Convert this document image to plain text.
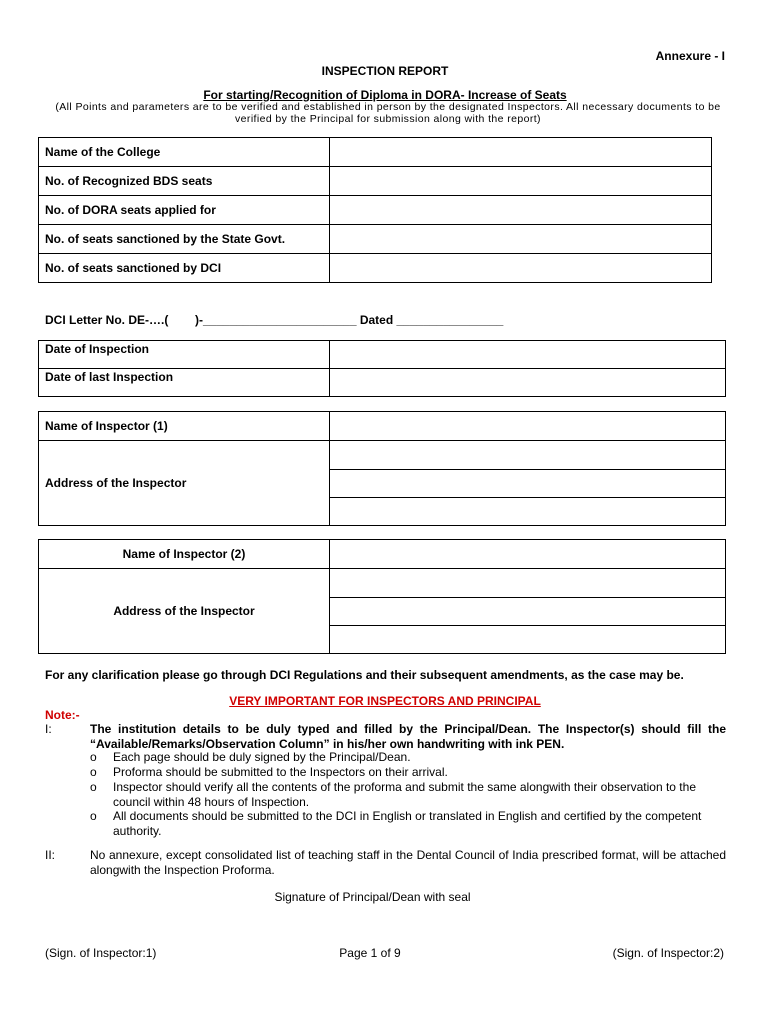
Annexure - I
INSPECTION REPORT
For starting/Recognition of Diploma in DORA- Increase of Seats
(All Points and parameters are to be verified and established in person by the designated Inspectors. All necessary documents to be verified by the Principal for submission along with the report)
Name of the College	
No. of Recognized BDS seats	
No. of DORA seats applied for	
No. of seats sanctioned by the State Govt.	
No. of seats sanctioned by DCI	
DCI Letter No. DE-….(        )-_______________________ Dated ________________
Date of Inspection	
Date of last Inspection	
Name of Inspector (1)	
Address of the Inspector	

Name of Inspector (2)	
Address of the Inspector	

For any clarification please go through DCI Regulations and their subsequent amendments, as the case may be.
VERY IMPORTANT FOR INSPECTORS AND PRINCIPAL
Note:-
I:	The institution details to be duly typed and filled by the Principal/Dean. The Inspector(s) should fill the “Available/Remarks/Observation Column” in his/her own handwriting with ink PEN.
o Each page should be duly signed by the Principal/Dean.
o Proforma should be submitted to the Inspectors on their arrival.
o Inspector should verify all the contents of the proforma and submit the same alongwith their observation to the council within 48 hours of Inspection.
o All documents should be submitted to the DCI in English or translated in English and certified by the competent authority.
II:	No annexure, except consolidated list of teaching staff in the Dental Council of India prescribed format, will be attached alongwith the Inspection Proforma.
Signature of Principal/Dean with seal
(Sign. of Inspector:1)	Page 1 of 9	(Sign. of Inspector:2)
